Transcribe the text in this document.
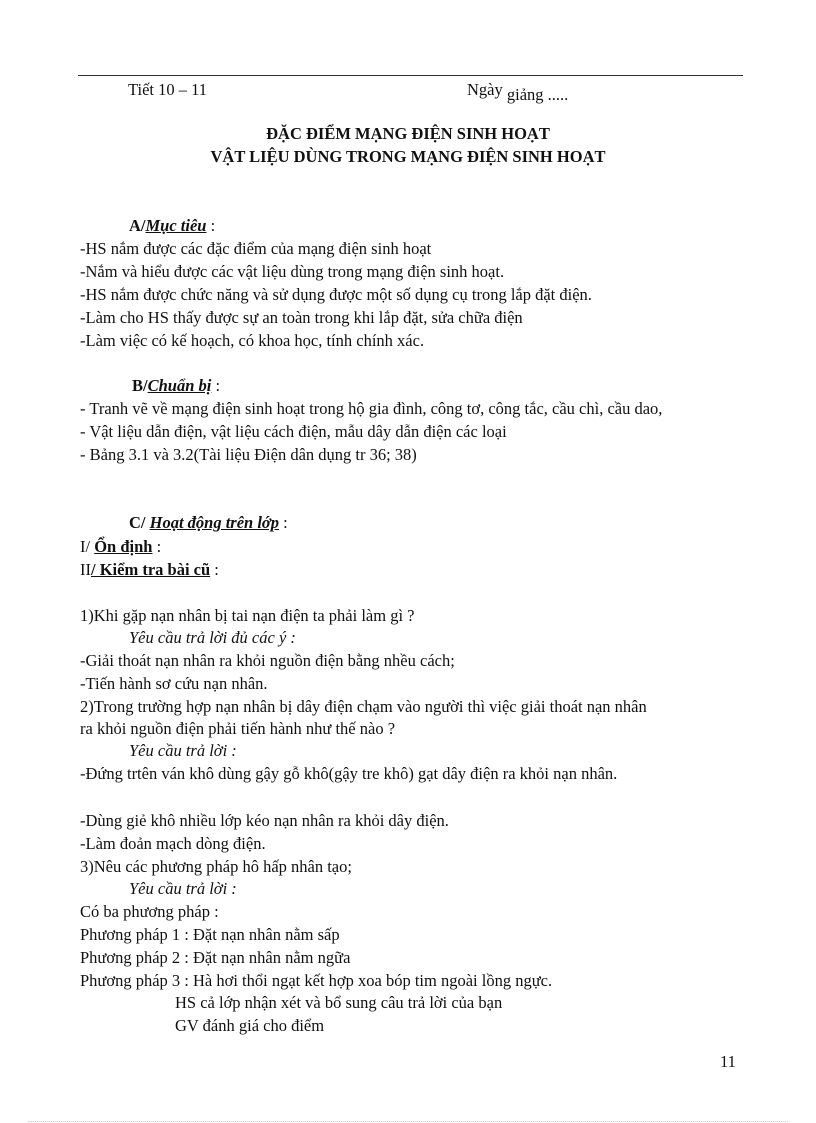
Tiết 10 – 11	Ngày giảng .....
ĐẶC ĐIỂM MẠNG ĐIỆN SINH HOẠT
VẬT LIỆU DÙNG TRONG MẠNG ĐIỆN SINH HOẠT
A/Mục tiêu :
-HS nắm được các đặc điểm của mạng điện sinh hoạt
-Nắm và hiểu được các vật liệu dùng trong mạng điện sinh hoạt.
-HS nắm được chức năng và sử dụng được một số dụng cụ trong lắp đặt điện.
-Làm cho HS thấy được sự an toàn trong khi lắp đặt, sửa chữa điện
-Làm việc có kế hoạch, có khoa học, tính chính xác.
B/Chuẩn bị :
- Tranh vẽ về mạng điện sinh hoạt trong hộ gia đình, công tơ, công tắc, cầu chì, cầu dao,
- Vật liệu dẫn điện, vật liệu cách điện, mẫu dây dẫn điện các loại
- Bảng 3.1 và 3.2(Tài liệu Điện dân dụng tr 36; 38)
C/ Hoạt động trên lớp :
I/ Ổn định :
II/ Kiểm tra bài cũ :
1)Khi gặp nạn nhân bị tai nạn điện ta phải làm gì ?
Yêu cầu trả lời đủ các ý :
-Giải thoát nạn nhân ra khỏi nguồn điện bằng nhều cách;
-Tiến hành sơ cứu nạn nhân.
2)Trong trường hợp nạn nhân bị dây điện chạm vào người thì việc giải thoát nạn nhân
ra khỏi nguồn điện phải tiến hành như thế nào ?
Yêu cầu trả lời :
-Đứng trtên ván khô dùng gậy gỗ khô(gậy tre khô) gạt dây điện ra khỏi nạn nhân.
-Dùng giẻ khô nhiều lớp kéo nạn nhân ra khỏi dây điện.
-Làm đoản mạch dòng điện.
3)Nêu các phương pháp hô hấp nhân tạo;
Yêu cầu trả lời :
Có ba phương pháp :
Phương pháp 1 : Đặt nạn nhân nằm sấp
Phương pháp 2 : Đặt nạn nhân nằm ngữa
Phương pháp 3 : Hà hơi thổi ngạt kết hợp xoa bóp tim ngoài lồng ngực.
HS cả lớp nhận xét và bổ sung câu trả lời của bạn
GV đánh giá cho điểm
11
